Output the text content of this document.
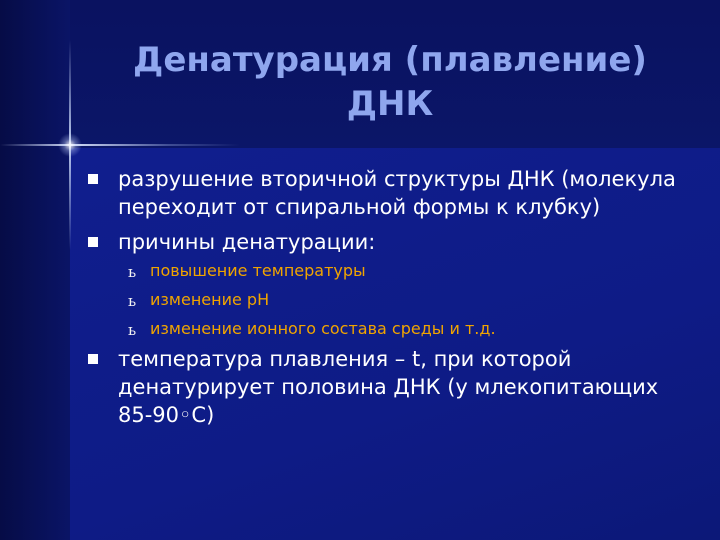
Денатурация (плавление) ДНК
разрушение вторичной структуры ДНК (молекула переходит от спиральной формы к клубку)
причины денатурации:
ь повышение температуры
ь изменение рН
ь изменение ионного состава среды и т.д.
температура плавления – t, при которой денатурирует половина ДНК (у млекопитающих 85-90◦С)
